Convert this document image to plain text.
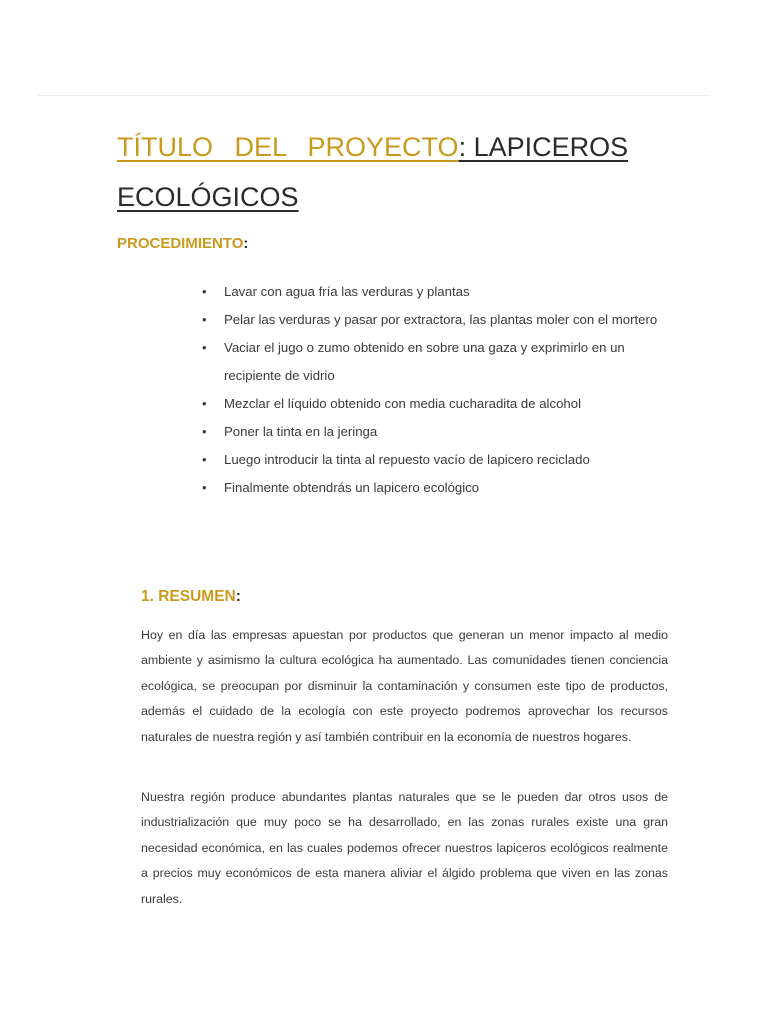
TÍTULO DEL PROYECTO: LAPICEROS
ECOLÓGICOS
PROCEDIMIENTO:
• Lavar con agua fría las verduras y plantas
• Pelar las verduras y pasar por extractora, las plantas moler con el mortero
• Vaciar el jugo o zumo obtenido en sobre una gaza y exprimirlo en un recipiente de vidrio
• Mezclar el líquido obtenido con media cucharadita de alcohol
• Poner la tinta en la jeringa
• Luego introducir la tinta al repuesto vacío de lapicero reciclado
• Finalmente obtendrás un lapicero ecológico
1. RESUMEN:

Hoy en día las empresas apuestan por productos que generan un menor impacto al medio ambiente y asimismo la cultura ecológica ha aumentado. Las comunidades tienen conciencia ecológica, se preocupan por disminuir la contaminación y consumen este tipo de productos, además el cuidado de la ecología con este proyecto podremos aprovechar los recursos naturales de nuestra región y así también contribuir en la economía de nuestros hogares.

Nuestra región produce abundantes plantas naturales que se le pueden dar otros usos de industrialización que muy poco se ha desarrollado, en las zonas rurales existe una gran necesidad económica, en las cuales podemos ofrecer nuestros lapiceros ecológicos realmente a precios muy económicos de esta manera aliviar el álgido problema que viven en las zonas rurales.
